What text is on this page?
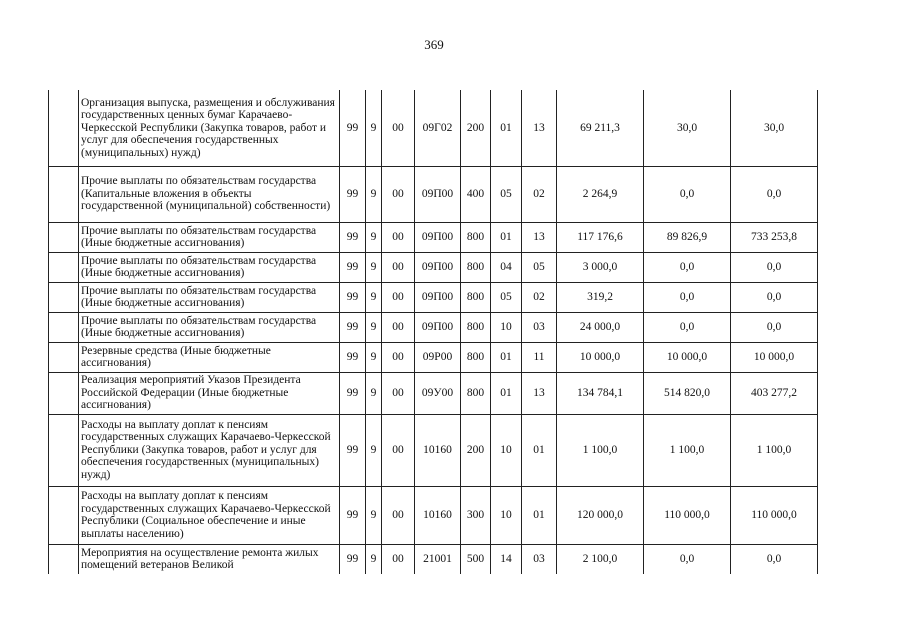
369
	Организация выпуска, размещения и обслуживания государственных ценных бумаг Карачаево-Черкесской Республики (Закупка товаров, работ и услуг для обеспечения государственных (муниципальных) нужд)	99	9	00	09Г02	200	01	13	69 211,3	30,0	30,0
	Прочие выплаты по обязательствам государства (Капитальные вложения в объекты государственной (муниципальной) собственности)	99	9	00	09П00	400	05	02	2 264,9	0,0	0,0
	Прочие выплаты по обязательствам государства (Иные бюджетные ассигнования)	99	9	00	09П00	800	01	13	117 176,6	89 826,9	733 253,8
	Прочие выплаты по обязательствам государства (Иные бюджетные ассигнования)	99	9	00	09П00	800	04	05	3 000,0	0,0	0,0
	Прочие выплаты по обязательствам государства (Иные бюджетные ассигнования)	99	9	00	09П00	800	05	02	319,2	0,0	0,0
	Прочие выплаты по обязательствам государства (Иные бюджетные ассигнования)	99	9	00	09П00	800	10	03	24 000,0	0,0	0,0
	Резервные средства (Иные бюджетные ассигнования)	99	9	00	09Р00	800	01	11	10 000,0	10 000,0	10 000,0
	Реализация мероприятий Указов Президента Российской Федерации (Иные бюджетные ассигнования)	99	9	00	09У00	800	01	13	134 784,1	514 820,0	403 277,2
	Расходы на выплату доплат к пенсиям государственных служащих Карачаево-Черкесской Республики (Закупка товаров, работ и услуг для обеспечения государственных (муниципальных) нужд)	99	9	00	10160	200	10	01	1 100,0	1 100,0	1 100,0
	Расходы на выплату доплат к пенсиям государственных служащих Карачаево-Черкесской Республики (Социальное обеспечение и иные выплаты населению)	99	9	00	10160	300	10	01	120 000,0	110 000,0	110 000,0
	Мероприятия на осуществление ремонта жилых помещений ветеранов Великой	99	9	00	21001	500	14	03	2 100,0	0,0	0,0
